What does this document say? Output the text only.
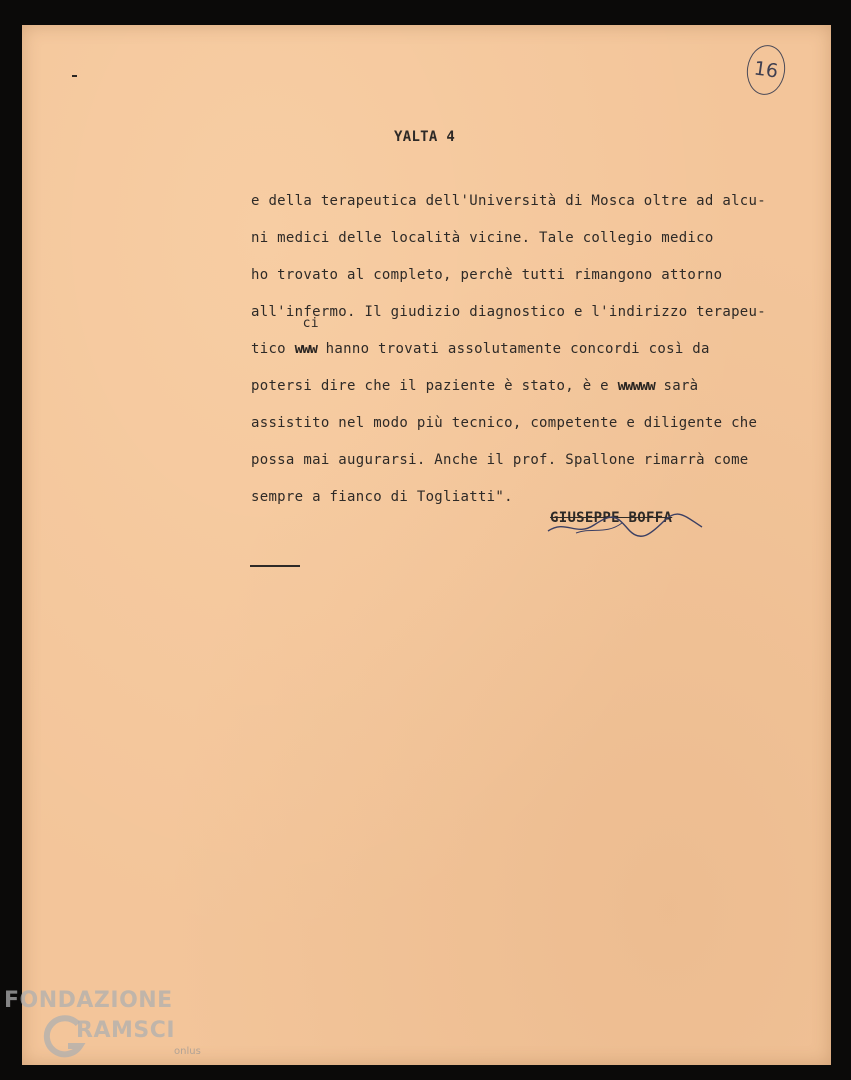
16
YALTA 4
e della terapeutica dell'Università di Mosca oltre ad alcu-
ni medici delle località vicine. Tale collegio medico
ho trovato al completo, perchè tutti rimangono attorno
all'infermo. Il giudizio diagnostico e l'indirizzo terapeu-
tico www
ci
hanno trovati assolutamente concordi così da
potersi dire che il paziente è stato, è e wwwww sarà
assistito nel modo più tecnico, competente e diligente che
possa mai augurarsi. Anche il prof. Spallone rimarrà come
sempre a fianco di Togliatti".
GIUSEPPE BOFFA
FONDAZIONE
RAMSCI
onlus
